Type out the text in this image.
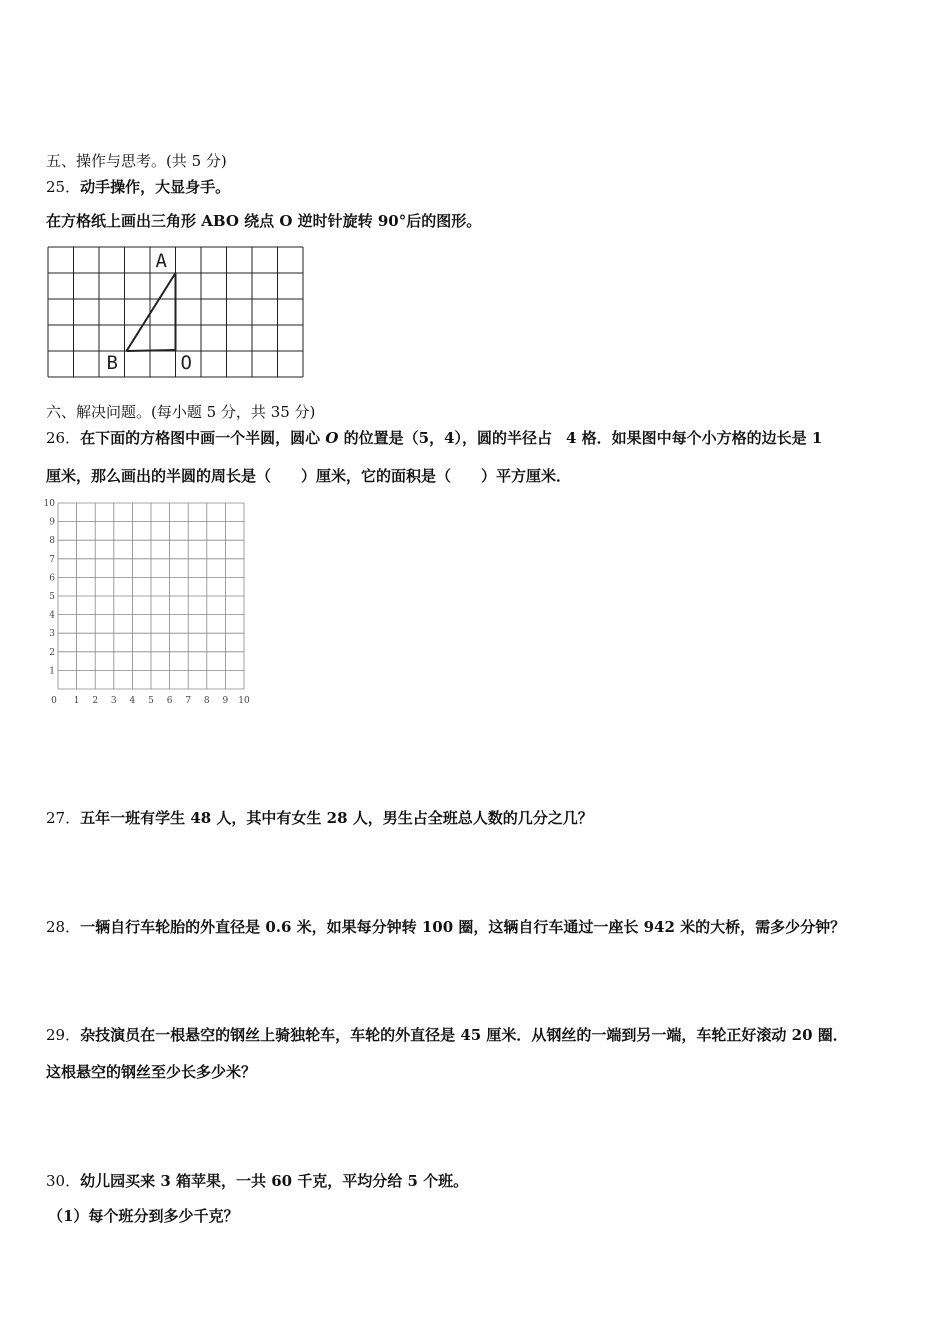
五、操作与思考。(共 5 分)
25．动手操作，大显身手。
在方格纸上画出三角形 ABO 绕点 O 逆时针旋转 90°后的图形。
A
B	O
六、解决问题。(每小题 5 分，共 35 分)
26．在下面的方格图中画一个半圆，圆心 O 的位置是（5，4），圆的半径占 4 格．如果图中每个小方格的边长是 1
厘米，那么画出的半圆的周长是（　　）厘米，它的面积是（　　）平方厘米．
0 1 2 3 4 5 6 7 8 9 10
1
2
3
4
5
6
7
8
9
10
27．五年一班有学生 48 人，其中有女生 28 人，男生占全班总人数的几分之几？
28．一辆自行车轮胎的外直径是 0.6 米，如果每分钟转 100 圈，这辆自行车通过一座长 942 米的大桥，需多少分钟？
29．杂技演员在一根悬空的钢丝上骑独轮车，车轮的外直径是 45 厘米．从钢丝的一端到另一端，车轮正好滚动 20 圈．
这根悬空的钢丝至少长多少米？
30．幼儿园买来 3 箱苹果，一共 60 千克，平均分给 5 个班。
（1）每个班分到多少千克？
